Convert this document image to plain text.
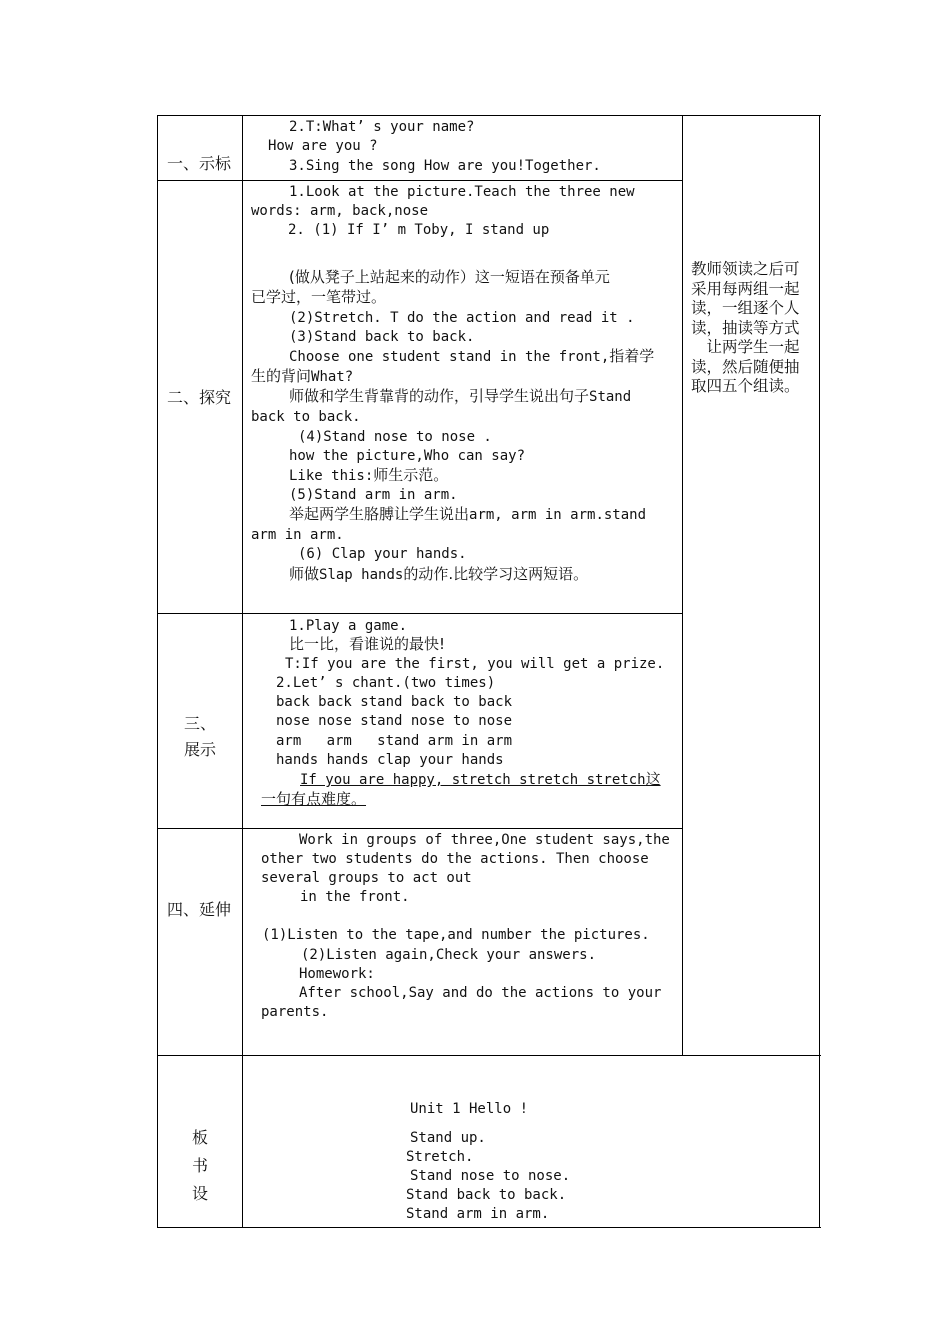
一、示标
2.T:What’ s your name?
How are you ?
3.Sing the song How are you!Together.
二、探究
1.Look at the picture.Teach the three new
words: arm, back,nose
2. (1) If I’ m Toby, I stand up
(做从凳子上站起来的动作）这一短语在预备单元
已学过，一笔带过。
(2)Stretch. T do the action and read it .
(3)Stand back to back.
Choose one student stand in the front,指着学
生的背问What?
师做和学生背靠背的动作，引导学生说出句子Stand
back to back.
(4)Stand nose to nose .
how the picture,Who can say?
Like this:师生示范。
(5)Stand arm in arm.
举起两学生胳膊让学生说出arm, arm in arm.stand
arm in arm.
(6) Clap your hands.
师做Slap hands的动作.比较学习这两短语。
教师领读之后可采用每两组一起读，一组逐个人读，抽读等方式 　让两学生一起读，然后随便抽取四五个组读。
三、
展示
1.Play a game.
比一比，看谁说的最快!
T:If you are the first, you will get a prize.
2.Let’ s chant.(two times)
back back stand back to back
nose nose stand nose to nose
arm   arm   stand arm in arm
hands hands clap your hands
If you are happy, stretch stretch stretch这
一句有点难度。
四、延伸
Work in groups of three,One student says,the
other two students do the actions. Then choose
several groups to act out
in the front.
(1)Listen to the tape,and number the pictures.
(2)Listen again,Check your answers.
Homework:
After school,Say and do the actions to your
parents.
板
书
设
Unit 1 Hello !
Stand up.
Stretch.
Stand nose to nose.
Stand back to back.
Stand arm in arm.
